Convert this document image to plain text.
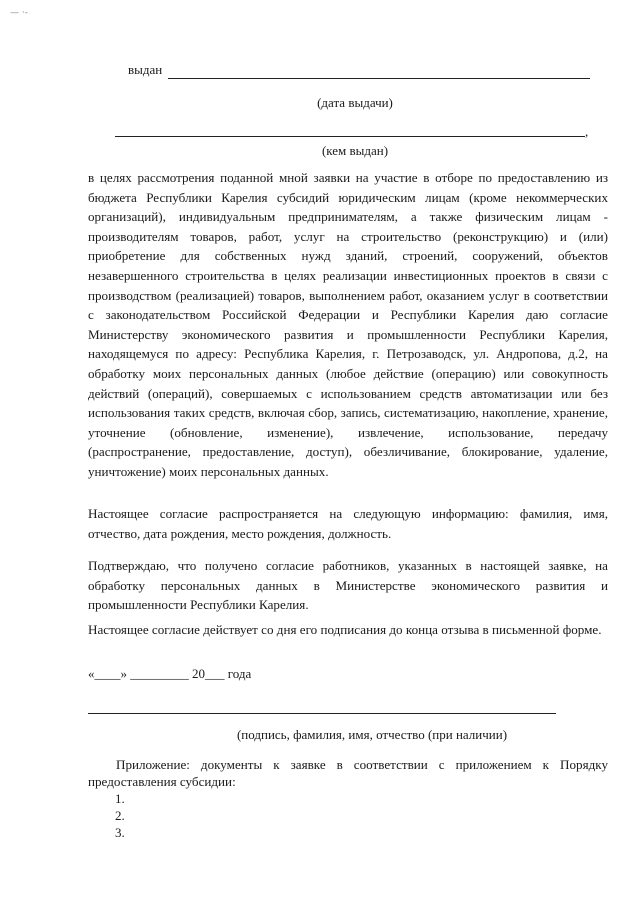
— ·-
выдан
(дата выдачи)
,
(кем выдан)
в целях рассмотрения поданной мной заявки на участие в отборе по предоставлению из бюджета Республики Карелия субсидий юридическим лицам (кроме некоммерческих организаций), индивидуальным предпринимателям, а также физическим лицам - производителям товаров, работ, услуг на строительство (реконструкцию) и (или) приобретение для собственных нужд зданий, строений, сооружений, объектов незавершенного строительства в целях реализации инвестиционных проектов в связи с производством (реализацией) товаров, выполнением работ, оказанием услуг в соответствии с законодательством Российской Федерации и Республики Карелия даю согласие Министерству экономического развития и промышленности Республики Карелия, находящемуся по адресу: Республика Карелия, г. Петрозаводск, ул. Андропова, д.2, на обработку моих персональных данных (любое действие (операцию) или совокупность действий (операций), совершаемых с использованием средств автоматизации или без использования таких средств, включая сбор, запись, систематизацию, накопление, хранение, уточнение (обновление, изменение), извлечение, использование, передачу (распространение, предоставление, доступ), обезличивание, блокирование, удаление, уничтожение) моих персональных данных.
Настоящее согласие распространяется на следующую информацию: фамилия, имя, отчество, дата рождения, место рождения, должность.
Подтверждаю, что получено согласие работников, указанных в настоящей заявке, на обработку персональных данных в Министерстве экономического развития и промышленности Республики Карелия.
Настоящее согласие действует со дня его подписания до конца отзыва в письменной форме.
«____» _________ 20___ года
(подпись, фамилия, имя, отчество (при наличии)
Приложение: документы к заявке в соответствии с приложением к Порядку предоставления субсидии:
1.
2.
3.
